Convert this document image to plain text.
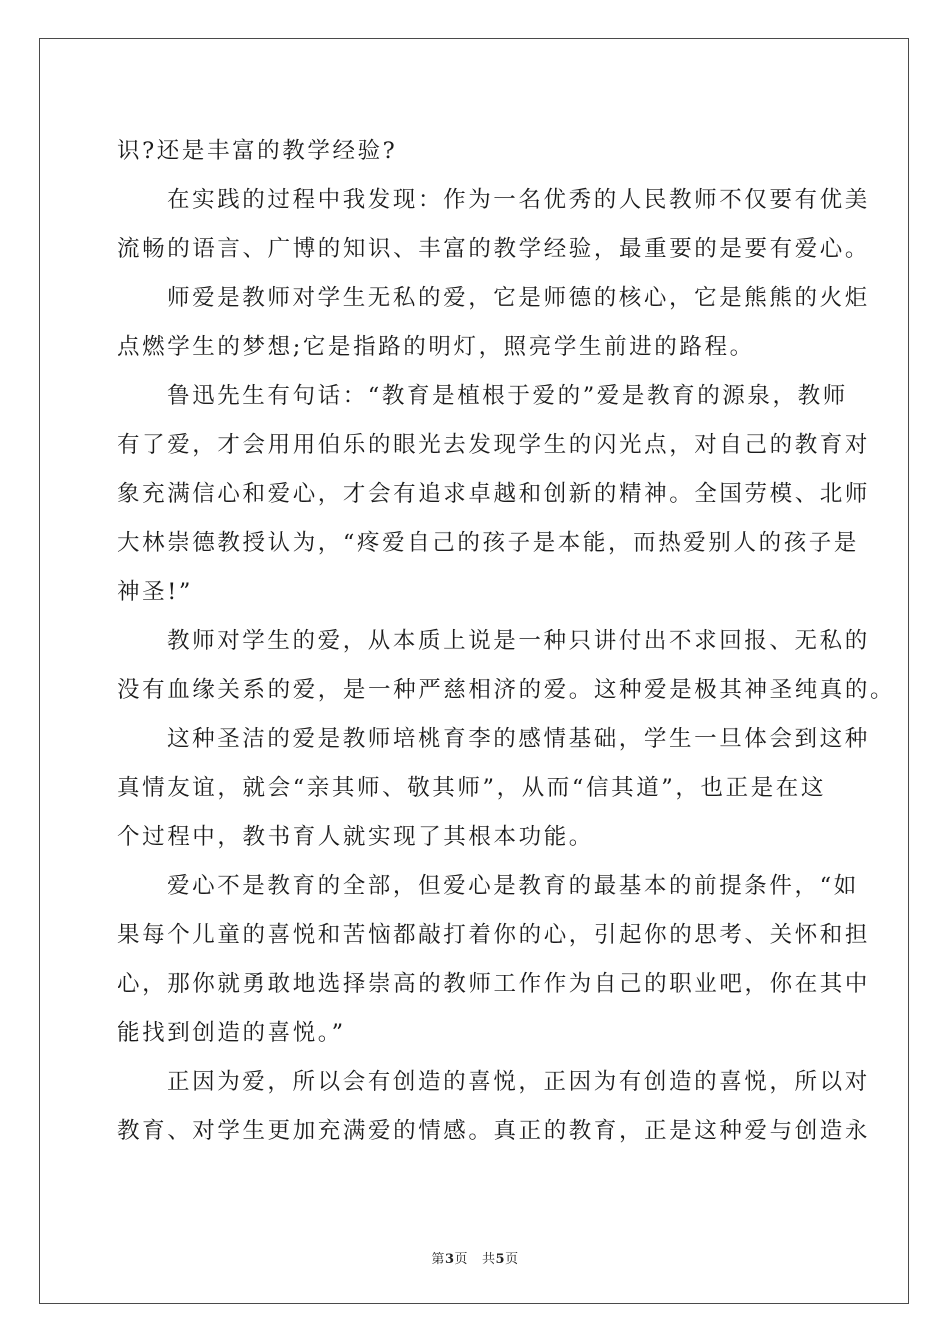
识?还是丰富的教学经验?
在实践的过程中我发现：作为一名优秀的人民教师不仅要有优美
流畅的语言、广博的知识、丰富的教学经验，最重要的是要有爱心。
师爱是教师对学生无私的爱，它是师德的核心，它是熊熊的火炬
点燃学生的梦想;它是指路的明灯，照亮学生前进的路程。
鲁迅先生有句话：“教育是植根于爱的”爱是教育的源泉，教师
有了爱，才会用用伯乐的眼光去发现学生的闪光点，对自己的教育对
象充满信心和爱心，才会有追求卓越和创新的精神。全国劳模、北师
大林崇德教授认为，“疼爱自己的孩子是本能，而热爱别人的孩子是
神圣!”
教师对学生的爱，从本质上说是一种只讲付出不求回报、无私的
没有血缘关系的爱，是一种严慈相济的爱。这种爱是极其神圣纯真的。
这种圣洁的爱是教师培桃育李的感情基础，学生一旦体会到这种
真情友谊，就会“亲其师、敬其师”，从而“信其道”，也正是在这
个过程中，教书育人就实现了其根本功能。
爱心不是教育的全部，但爱心是教育的最基本的前提条件，“如
果每个儿童的喜悦和苦恼都敲打着你的心，引起你的思考、关怀和担
心，那你就勇敢地选择崇高的教师工作作为自己的职业吧，你在其中
能找到创造的喜悦。”
正因为爱，所以会有创造的喜悦，正因为有创造的喜悦，所以对
教育、对学生更加充满爱的情感。真正的教育，正是这种爱与创造永
第3页 共5页
